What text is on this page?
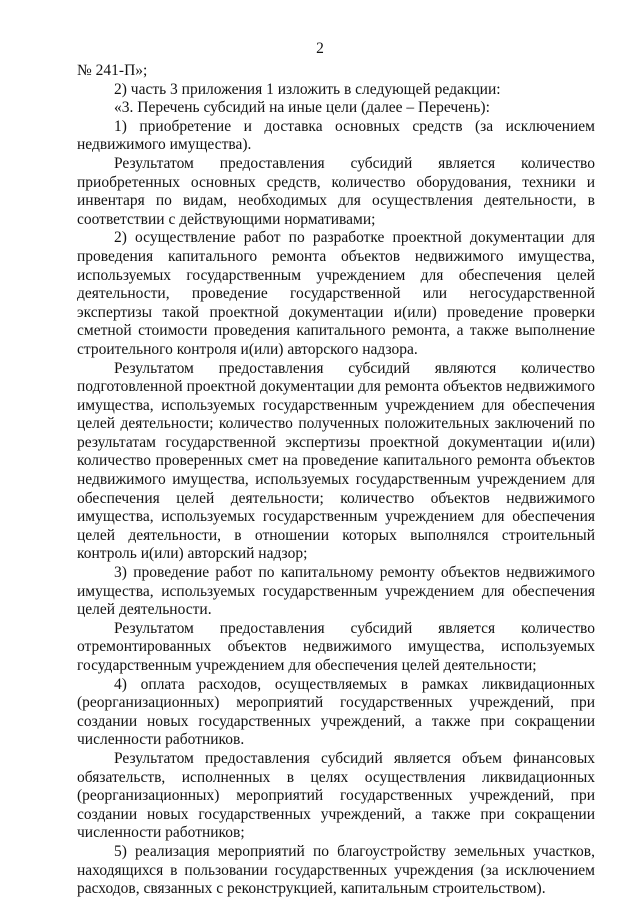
2

№ 241-П»;

2) часть 3 приложения 1 изложить в следующей редакции:

«3. Перечень субсидий на иные цели (далее – Перечень):

1) приобретение и доставка основных средств (за исключением недвижимого имущества).

Результатом предоставления субсидий является количество приобретенных основных средств, количество оборудования, техники и инвентаря по видам, необходимых для осуществления деятельности, в соответствии с действующими нормативами;

2) осуществление работ по разработке проектной документации для проведения капитального ремонта объектов недвижимого имущества, используемых государственным учреждением для обеспечения целей деятельности, проведение государственной или негосударственной экспертизы такой проектной документации и(или) проведение проверки сметной стоимости проведения капитального ремонта, а также выполнение строительного контроля и(или) авторского надзора.

Результатом предоставления субсидий являются количество подготовленной проектной документации для ремонта объектов недвижимого имущества, используемых государственным учреждением для обеспечения целей деятельности; количество полученных положительных заключений по результатам государственной экспертизы проектной документации и(или) количество проверенных смет на проведение капитального ремонта объектов недвижимого имущества, используемых государственным учреждением для обеспечения целей деятельности; количество объектов недвижимого имущества, используемых государственным учреждением для обеспечения целей деятельности, в отношении которых выполнялся строительный контроль и(или) авторский надзор;

3) проведение работ по капитальному ремонту объектов недвижимого имущества, используемых государственным учреждением для обеспечения целей деятельности.

Результатом предоставления субсидий является количество отремонтированных объектов недвижимого имущества, используемых государственным учреждением для обеспечения целей деятельности;

4) оплата расходов, осуществляемых в рамках ликвидационных (реорганизационных) мероприятий государственных учреждений, при создании новых государственных учреждений, а также при сокращении численности работников.

Результатом предоставления субсидий является объем финансовых обязательств, исполненных в целях осуществления ликвидационных (реорганизационных) мероприятий государственных учреждений, при создании новых государственных учреждений, а также при сокращении численности работников;

5) реализация мероприятий по благоустройству земельных участков, находящихся в пользовании государственных учреждения (за исключением расходов, связанных с реконструкцией, капитальным строительством).
